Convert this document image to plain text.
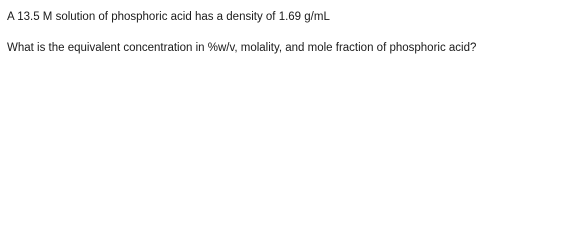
A 13.5 M solution of phosphoric acid has a density of 1.69 g/mL
What is the equivalent concentration in %w/v, molality, and mole fraction of phosphoric acid?
